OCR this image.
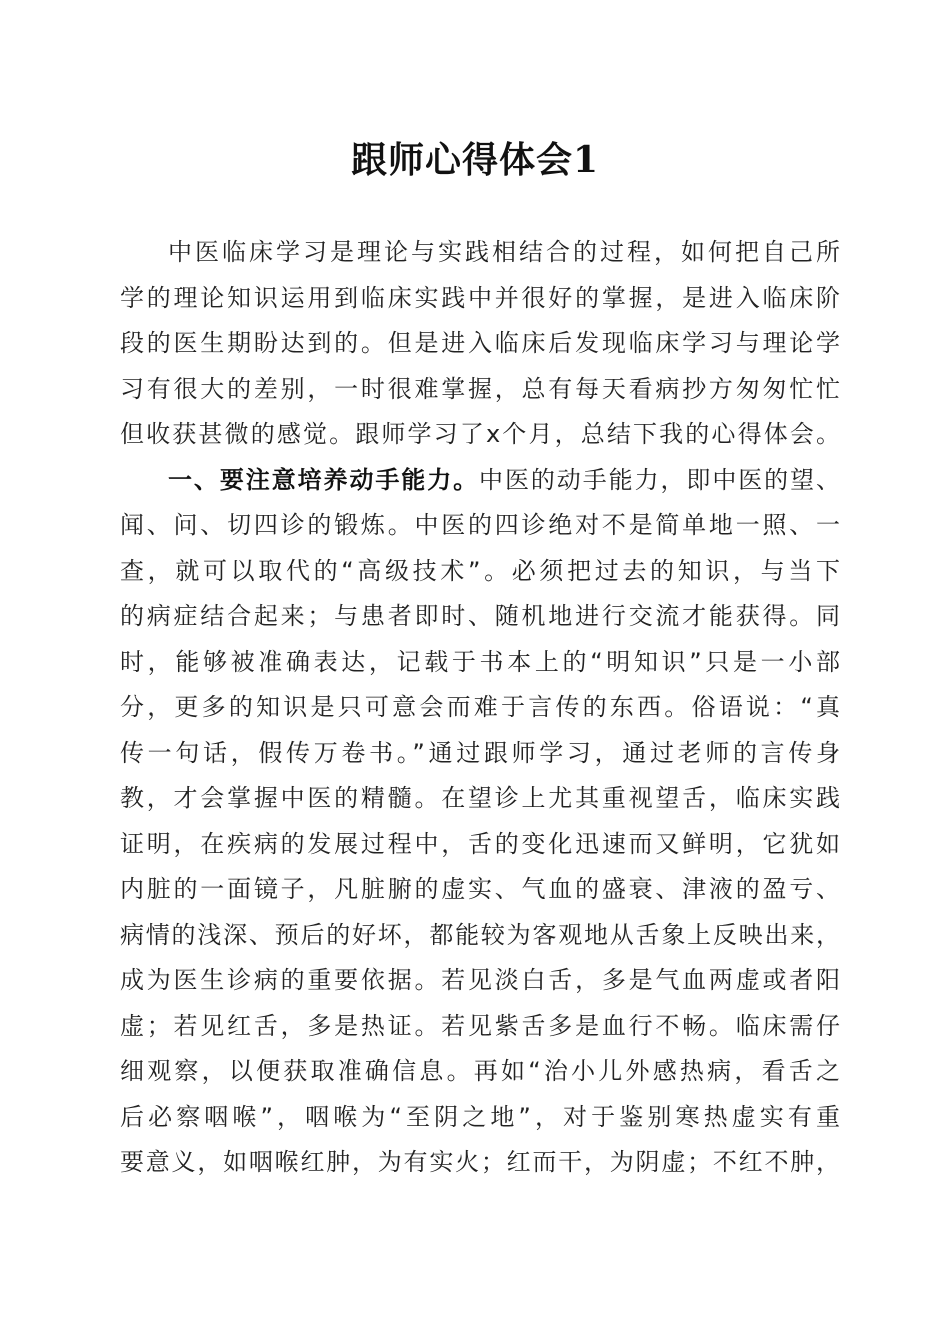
跟师心得体会1
中医临床学习是理论与实践相结合的过程，如何把自己所
学的理论知识运用到临床实践中并很好的掌握，是进入临床阶
段的医生期盼达到的。但是进入临床后发现临床学习与理论学
习有很大的差别，一时很难掌握，总有每天看病抄方匆匆忙忙
但收获甚微的感觉。跟师学习了x个月，总结下我的心得体会。
一、要注意培养动手能力。中医的动手能力，即中医的望、
闻、问、切四诊的锻炼。中医的四诊绝对不是简单地一照、一
查，就可以取代的“高级技术”。必须把过去的知识，与当下
的病症结合起来；与患者即时、随机地进行交流才能获得。同
时，能够被准确表达，记载于书本上的“明知识”只是一小部
分，更多的知识是只可意会而难于言传的东西。俗语说：“真
传一句话，假传万卷书。”通过跟师学习，通过老师的言传身
教，才会掌握中医的精髓。在望诊上尤其重视望舌，临床实践
证明，在疾病的发展过程中，舌的变化迅速而又鲜明，它犹如
内脏的一面镜子，凡脏腑的虚实、气血的盛衰、津液的盈亏、
病情的浅深、预后的好坏，都能较为客观地从舌象上反映出来，
成为医生诊病的重要依据。若见淡白舌，多是气血两虚或者阳
虚；若见红舌，多是热证。若见紫舌多是血行不畅。临床需仔
细观察，以便获取准确信息。再如“治小儿外感热病，看舌之
后必察咽喉”，咽喉为“至阴之地”，对于鉴别寒热虚实有重
要意义，如咽喉红肿，为有实火；红而干，为阴虚；不红不肿，
